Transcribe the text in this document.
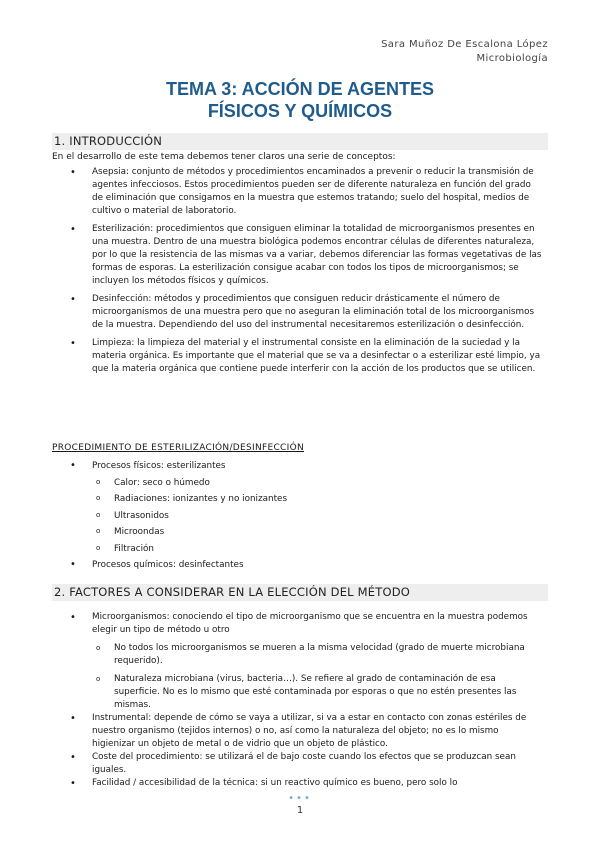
Sara Muñoz De Escalona López
Microbiología
TEMA 3: ACCIÓN DE AGENTES
FÍSICOS Y QUÍMICOS
1. INTRODUCCIÓN
En el desarrollo de este tema debemos tener claros una serie de conceptos:
• Asepsia: conjunto de métodos y procedimientos encaminados a prevenir o reducir la transmisión de agentes infecciosos. Estos procedimientos pueden ser de diferente naturaleza en función del grado de eliminación que consigamos en la muestra que estemos tratando; suelo del hospital, medios de cultivo o material de laboratorio.
• Esterilización: procedimientos que consiguen eliminar la totalidad de microorganismos presentes en una muestra. Dentro de una muestra biológica podemos encontrar células de diferentes naturaleza, por lo que la resistencia de las mismas va a variar, debemos diferenciar las formas vegetativas de las formas de esporas. La esterilización consigue acabar con todos los tipos de microorganismos; se incluyen los métodos físicos y químicos.
• Desinfección: métodos y procedimientos que consiguen reducir drásticamente el número de microorganismos de una muestra pero que no aseguran la eliminación total de los microorganismos de la muestra. Dependiendo del uso del instrumental necesitaremos esterilización o desinfección.
• Limpieza: la limpieza del material y el instrumental consiste en la eliminación de la suciedad y la materia orgánica. Es importante que el material que se va a desinfectar o a esterilizar esté limpio, ya que la materia orgánica que contiene puede interferir con la acción de los productos que se utilicen.
PROCEDIMIENTO DE ESTERILIZACIÓN/DESINFECCIÓN
• Procesos físicos: esterilizantes
o Calor: seco o húmedo
o Radiaciones: ionizantes y no ionizantes
o Ultrasonidos
o Microondas
o Filtración
• Procesos químicos: desinfectantes
2. FACTORES A CONSIDERAR EN LA ELECCIÓN DEL MÉTODO
• Microorganismos: conociendo el tipo de microorganismo que se encuentra en la muestra podemos elegir un tipo de método u otro
o No todos los microorganismos se mueren a la misma velocidad (grado de muerte microbiana requerido).
o Naturaleza microbiana (virus, bacteria…). Se refiere al grado de contaminación de esa superficie. No es lo mismo que esté contaminada por esporas o que no estén presentes las mismas.
• Instrumental: depende de cómo se vaya a utilizar, si va a estar en contacto con zonas estériles de nuestro organismo (tejidos internos) o no, así como la naturaleza del objeto; no es lo mismo higienizar un objeto de metal o de vidrio que un objeto de plástico.
• Coste del procedimiento: se utilizará el de bajo coste cuando los efectos que se produzcan sean iguales.
• Facilidad / accesibilidad de la técnica: si un reactivo químico es bueno, pero solo lo
•••
1
